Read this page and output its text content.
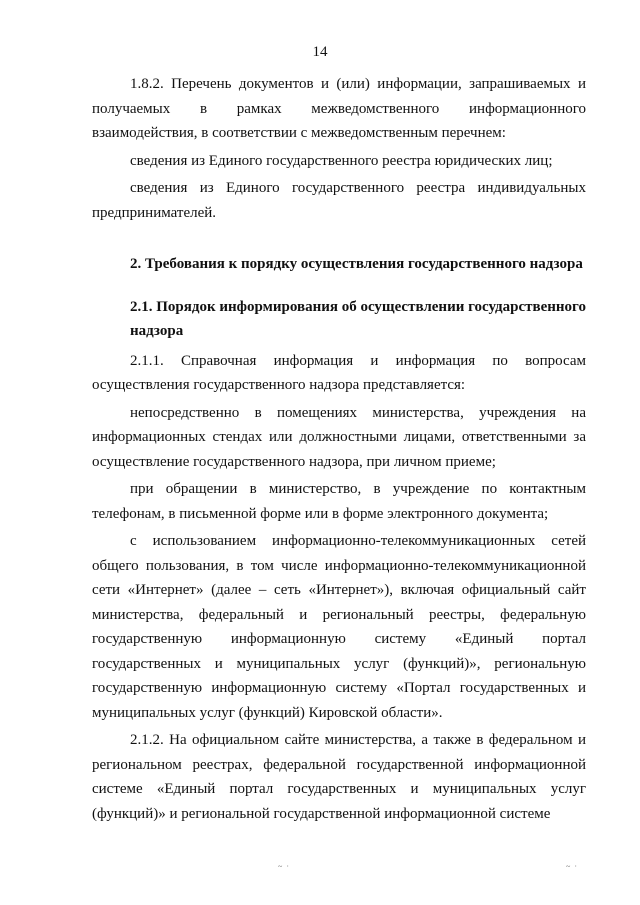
14

1.8.2. Перечень документов и (или) информации, запрашиваемых и получаемых в рамках межведомственного информационного взаимодействия, в соответствии с межведомственным перечнем:

сведения из Единого государственного реестра юридических лиц;

сведения из Единого государственного реестра индивидуальных предпринимателей.

2. Требования к порядку осуществления государственного надзора

2.1. Порядок информирования об осуществлении государственного надзора

2.1.1. Справочная информация и информация по вопросам осуществления государственного надзора представляется:

непосредственно в помещениях министерства, учреждения на информационных стендах или должностными лицами, ответственными за осуществление государственного надзора, при личном приеме;

при обращении в министерство, в учреждение по контактным телефонам, в письменной форме или в форме электронного документа;

с использованием информационно-телекоммуникационных сетей общего пользования, в том числе информационно-телекоммуникационной сети «Интернет» (далее – сеть «Интернет»), включая официальный сайт министерства, федеральный и региональный реестры, федеральную государственную информационную систему «Единый портал государственных и муниципальных услуг (функций)», региональную государственную информационную систему «Портал государственных и муниципальных услуг (функций) Кировской области».

2.1.2. На официальном сайте министерства, а также в федеральном и региональном реестрах, федеральной государственной информационной системе «Единый портал государственных и муниципальных услуг (функций)» и региональной государственной информационной системе

~ ·	~ ·
